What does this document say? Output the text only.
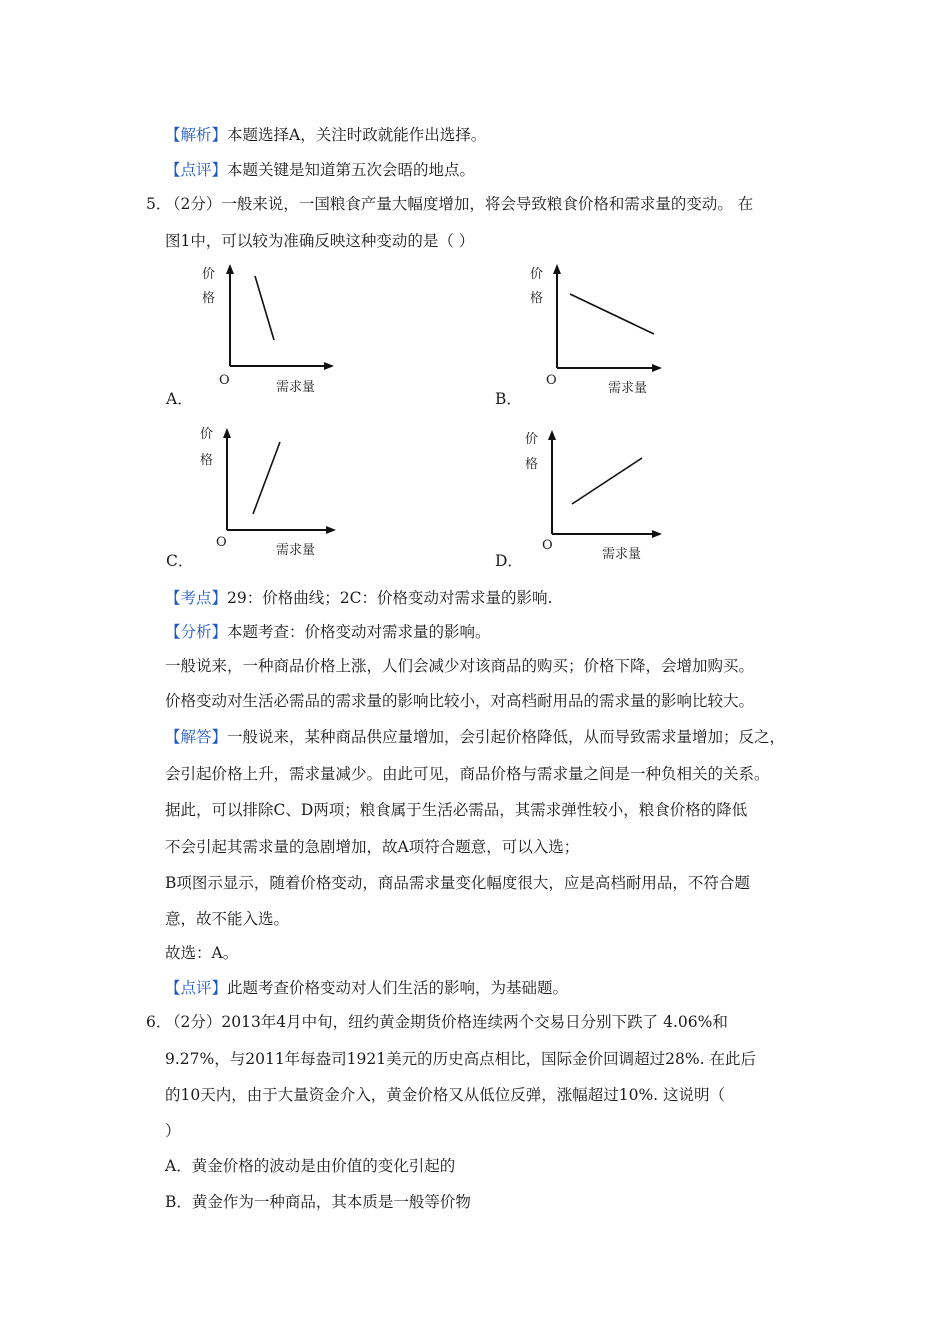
【解析】本题选择A，关注时政就能作出选择。
【点评】本题关键是知道第五次会晤的地点。
5．
（2分）一般来说，一国粮食产量大幅度增加，将会导致粮食价格和需求量的变动。 在
图1中，可以较为准确反映这种变动的是（ ）
价
格
O	需求量
A．
价
格
O
需求量
B．
价
格
O
需求量
C．
价
格
O
需求量
D．
【考点】29：价格曲线；2C：价格变动对需求量的影响.
【分析】本题考查：价格变动对需求量的影响。
一般说来，一种商品价格上涨，人们会减少对该商品的购买；价格下降，会增加购买。
价格变动对生活必需品的需求量的影响比较小，对高档耐用品的需求量的影响比较大。
【解答】一般说来，某种商品供应量增加，会引起价格降低，从而导致需求量增加；反之，
会引起价格上升，需求量减少。由此可见，商品价格与需求量之间是一种负相关的关系。
据此，可以排除C、D两项；粮食属于生活必需品，其需求弹性较小，粮食价格的降低
不会引起其需求量的急剧增加，故A项符合题意，可以入选；
B项图示显示，随着价格变动，商品需求量变化幅度很大，应是高档耐用品，不符合题
意，故不能入选。
故选：A。
【点评】此题考查价格变动对人们生活的影响，为基础题。
6．
（2分）2013年4月中旬，纽约黄金期货价格连续两个交易日分别下跌了 4.06%和
9.27%，与2011年每盎司1921美元的历史高点相比，国际金价回调超过28%. 在此后
的10天内，由于大量资金介入，黄金价格又从低位反弹，涨幅超过10%. 这说明（
）
A．黄金价格的波动是由价值的变化引起的
B．黄金作为一种商品，其本质是一般等价物
